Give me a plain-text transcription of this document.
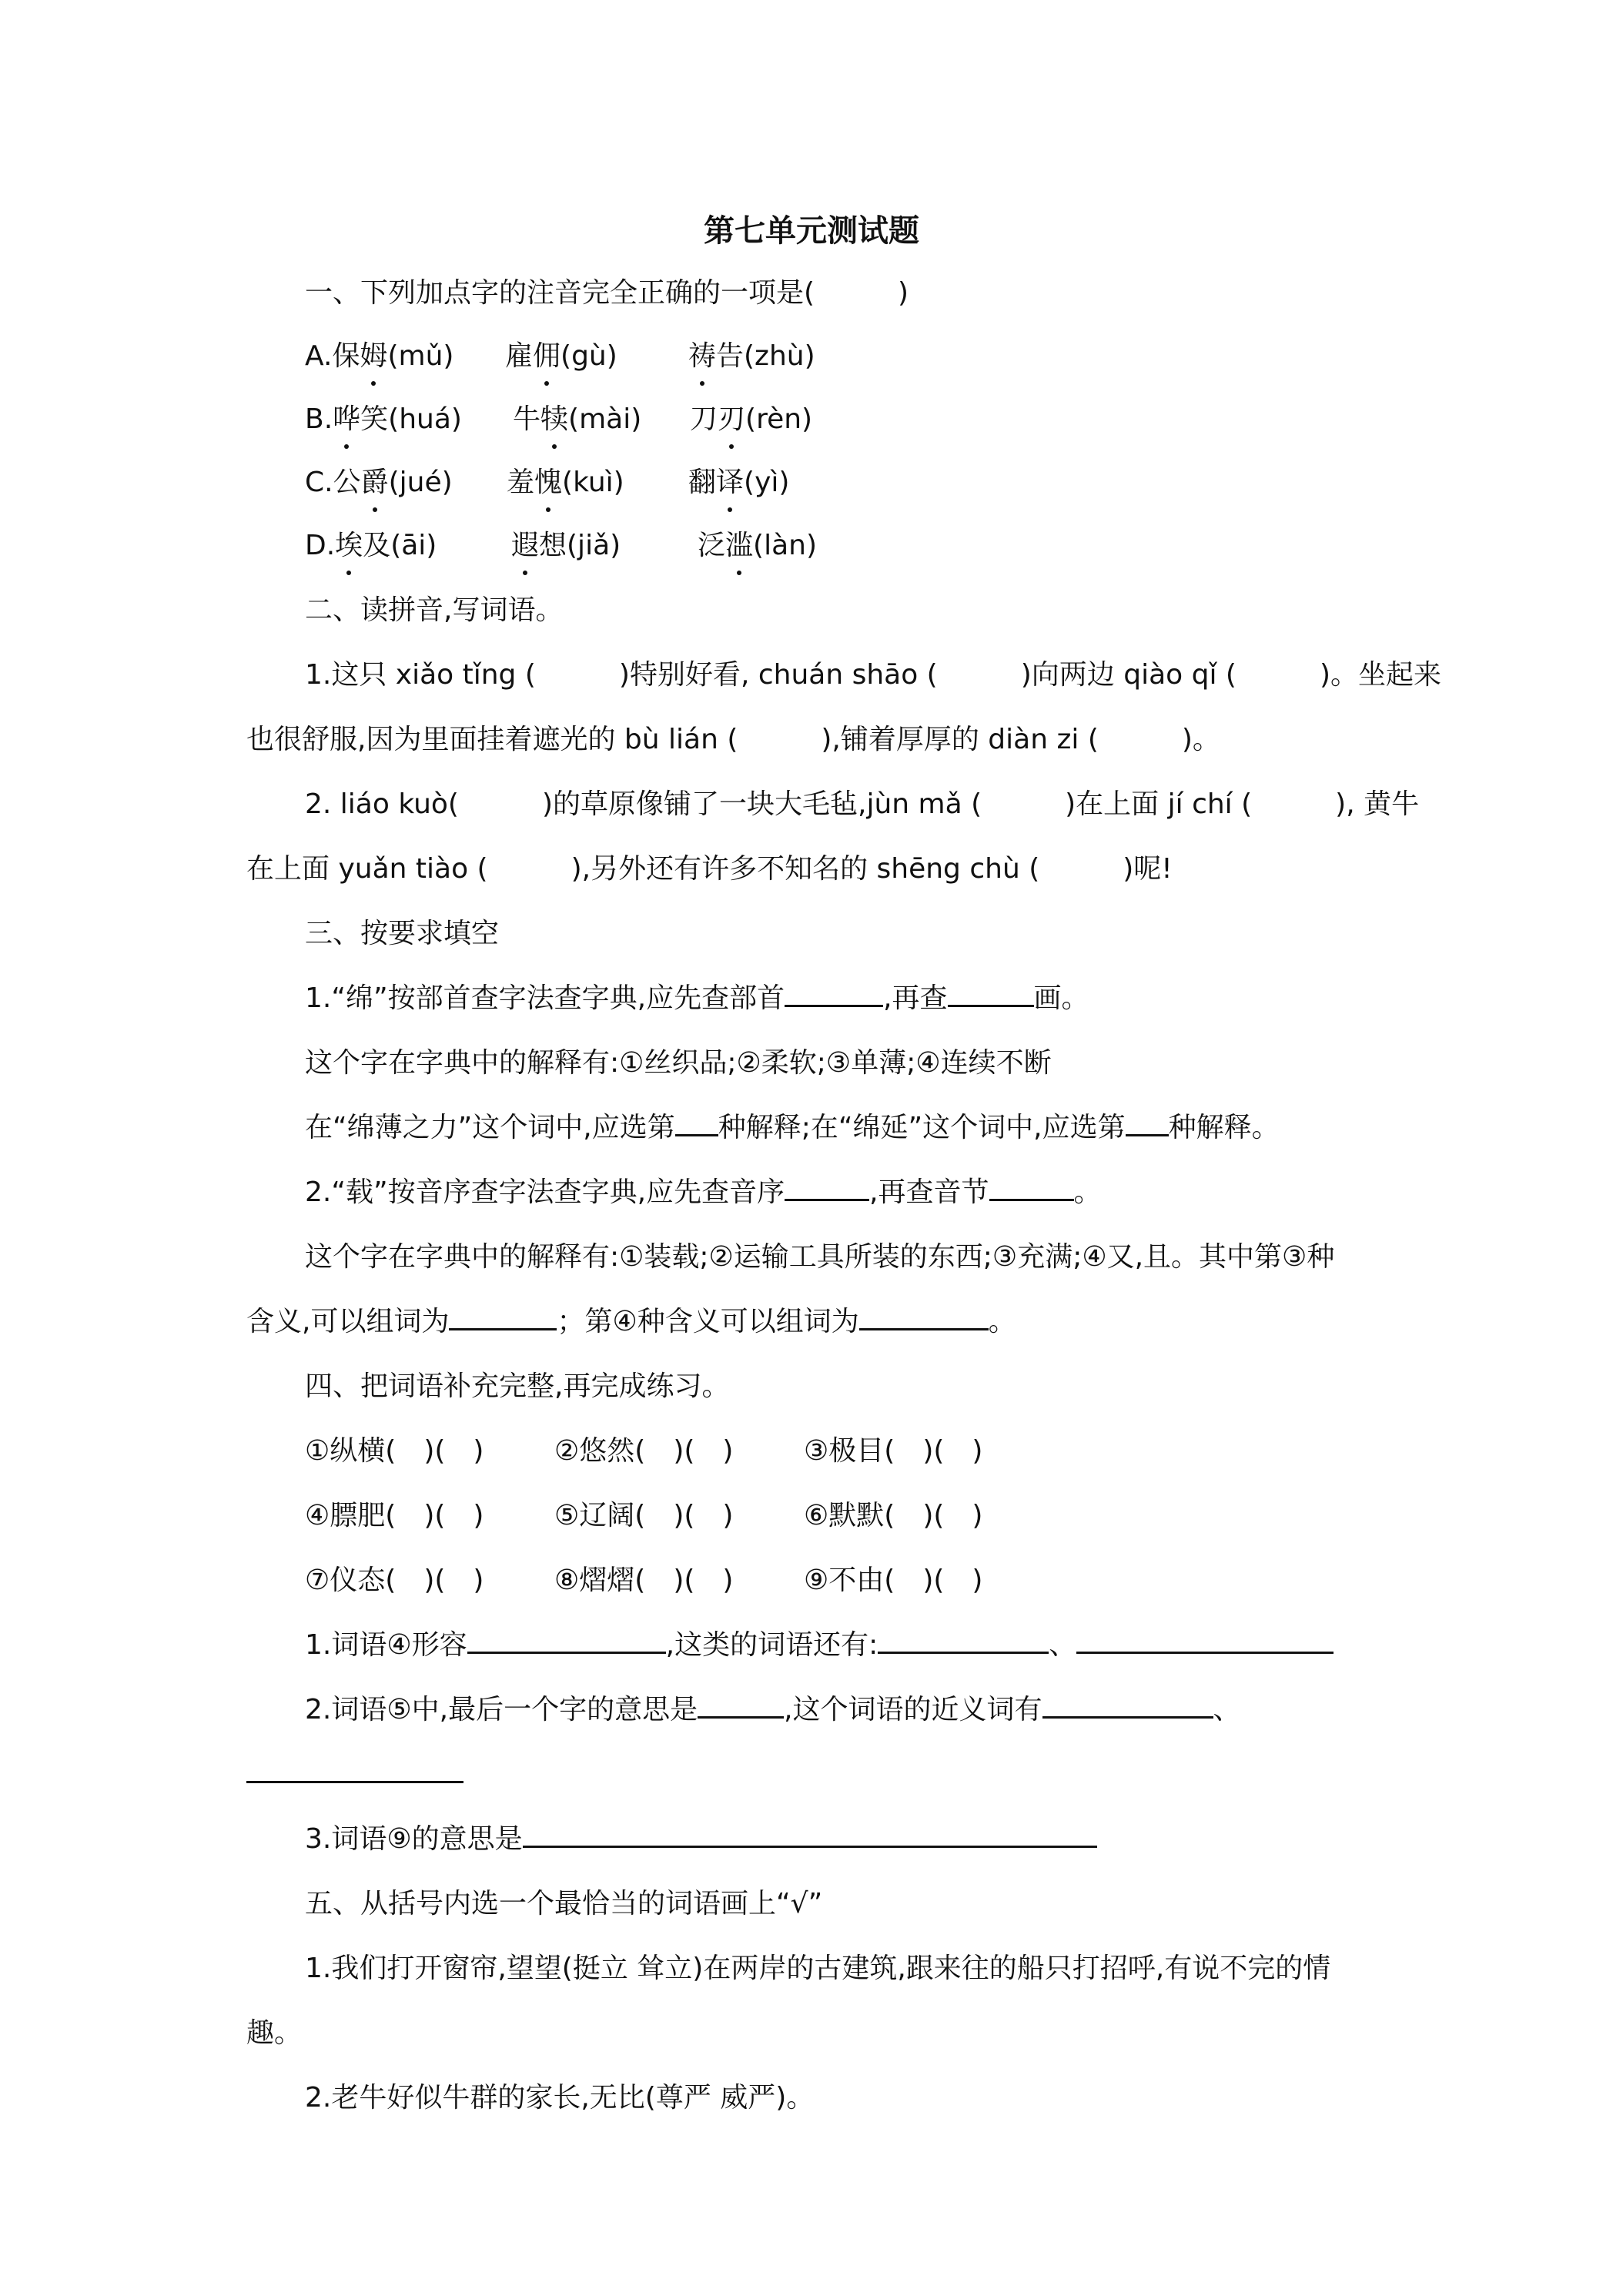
第七单元测试题

一、下列加点字的注音完全正确的一项是(　　　)

A.保姆(mǔ) 雇佣(gù)	祷告(zhù)

B.哗笑(huá) 牛犊(mài) 刀刃(rèn)

C.公爵(jué) 羞愧(kuì) 翻译(yì)

D.埃及(āi)	遐想(jiǎ)	泛滥(làn)

二、读拼音,写词语。

1.这只 xiǎo tǐng (　　　)特别好看, chuán shāo (　　　)向两边 qiào qǐ (　　　)。坐起来

也很舒服,因为里面挂着遮光的 bù lián (　　　),铺着厚厚的 diàn zi (　　　)。

2. liáo kuò(　　　)的草原像铺了一块大毛毡,jùn mǎ (　　　)在上面 jí chí (　　　), 黄牛

在上面 yuǎn tiào (　　　),另外还有许多不知名的 shēng chù (　　　)呢!

三、按要求填空

1.“绵”按部首查字法查字典,应先查部首	,再查	画。

这个字在字典中的解释有:①丝织品;②柔软;③单薄;④连续不断

在“绵薄之力”这个词中,应选第 种解释;在“绵延”这个词中,应选第 种解释。

2.“载”按音序查字法查字典,应先查音序	,再查音节	。

这个字在字典中的解释有:①装载;②运输工具所装的东西;③充满;④又,且。其中第③种

含义,可以组词为	；第④种含义可以组词为	。

四、把词语补充完整,再完成练习。

①纵横(　)(　)	②悠然(　)(　)	③极目(　)(　)

④膘肥(　)(　)	⑤辽阔(　)(　)	⑥默默(　)(　)

⑦仪态(　)(　)	⑧熠熠(　)(　)	⑨不由(　)(　)

1.词语④形容	,这类的词语还有:	、

2.词语⑤中,最后一个字的意思是	,这个词语的近义词有	、

3.词语⑨的意思是

五、从括号内选一个最恰当的词语画上“√”

1.我们打开窗帘,望望(挺立 耸立)在两岸的古建筑,跟来往的船只打招呼,有说不完的情

趣。

2.老牛好似牛群的家长,无比(尊严 威严)。
